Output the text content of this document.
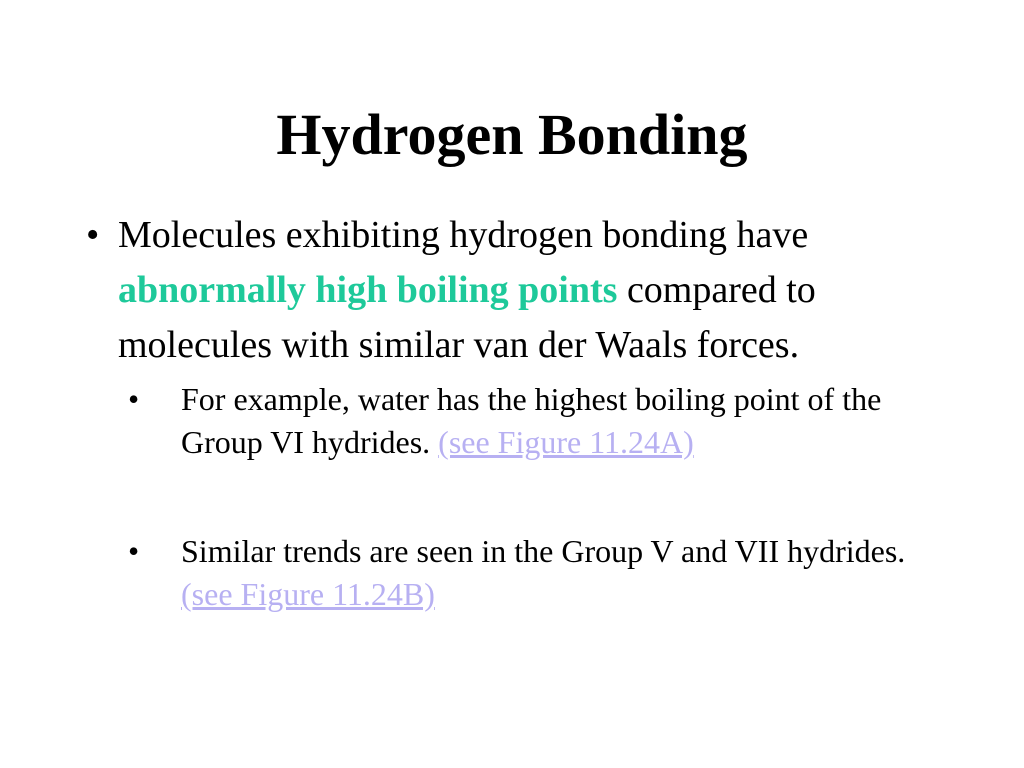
Hydrogen Bonding
• Molecules exhibiting hydrogen bonding have abnormally high boiling points compared to molecules with similar van der Waals forces.
• For example, water has the highest boiling point of the Group VI hydrides. (see Figure 11.24A)
• Similar trends are seen in the Group V and VII hydrides. (see Figure 11.24B)
